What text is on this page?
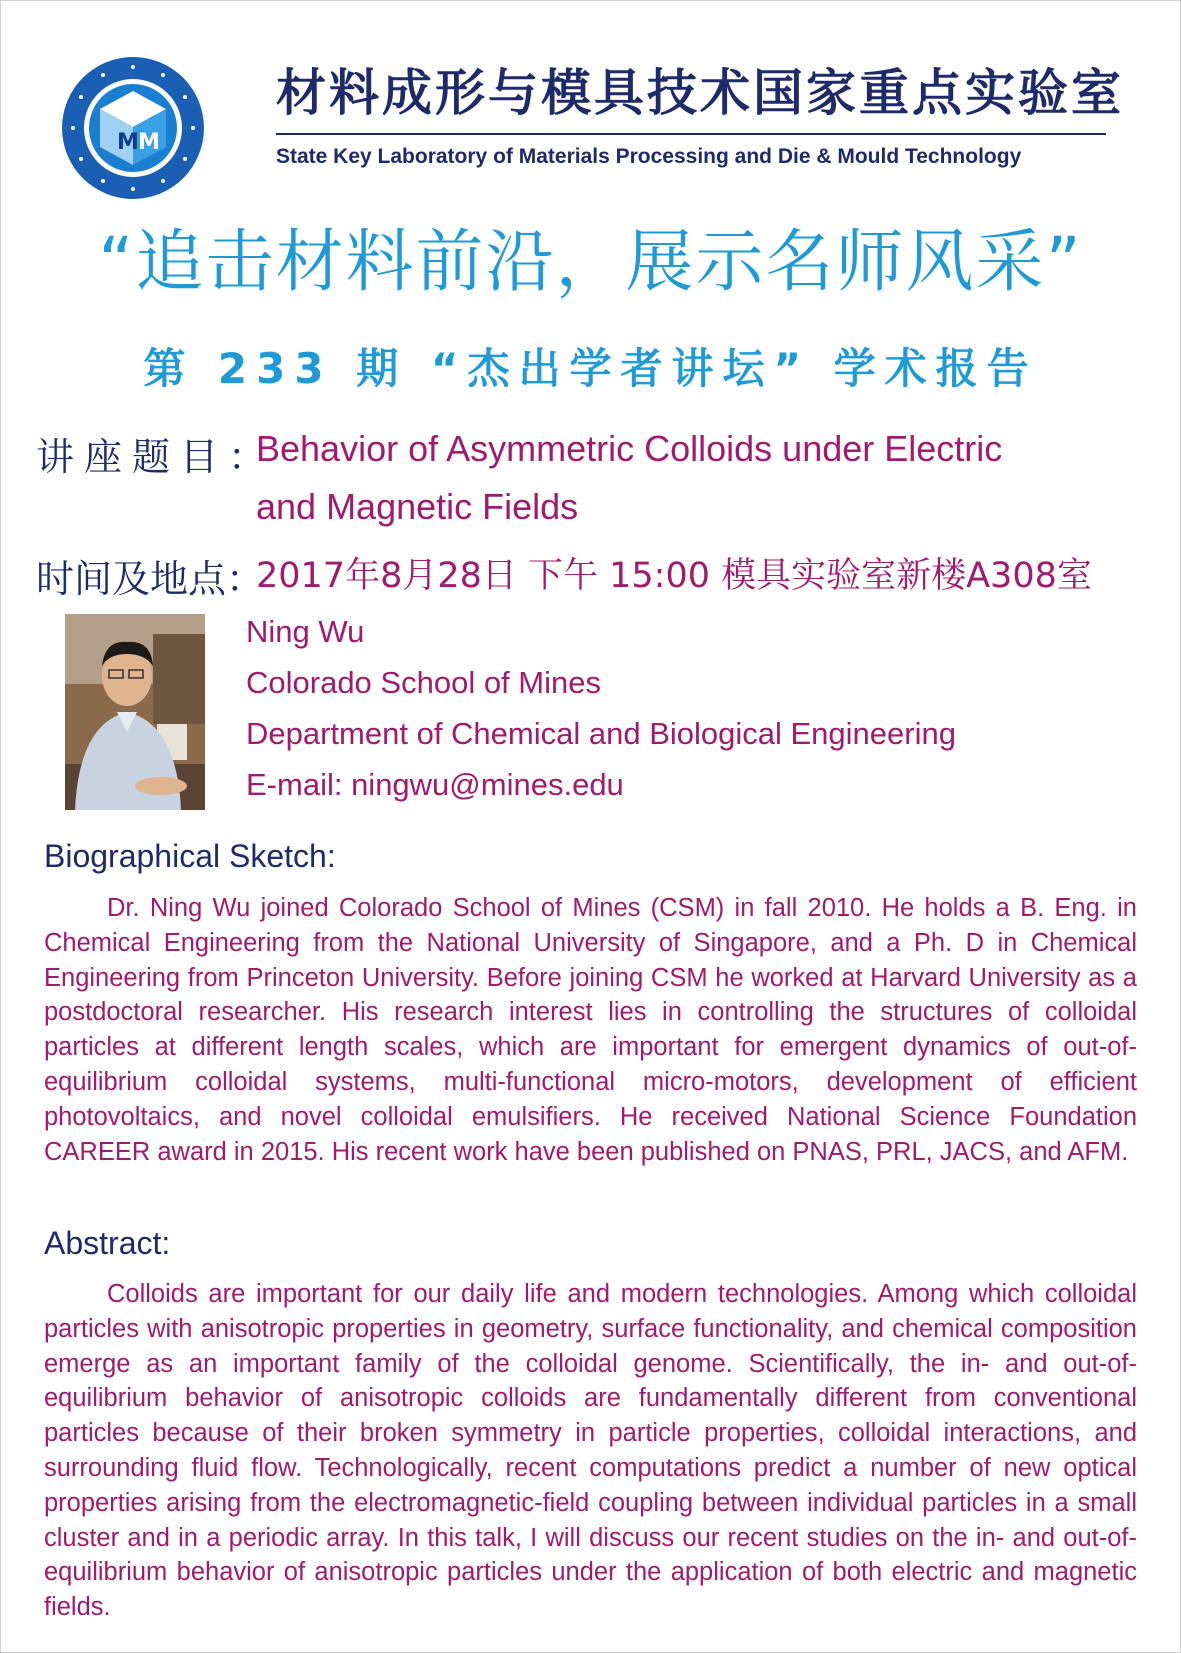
M M
材料成形与模具技术国家重点实验室
State Key Laboratory of Materials Processing and Die & Mould Technology
“追击材料前沿，展示名师风采”
第 233 期 “杰出学者讲坛” 学术报告
讲座题目：
Behavior of Asymmetric Colloids under Electric
and Magnetic Fields
时间及地点：
2017年8月28日 下午 15:00 模具实验室新楼A308室
Ning Wu
Colorado School of Mines
Department of Chemical and Biological Engineering
E-mail: ningwu@mines.edu
Biographical Sketch:

Dr. Ning Wu joined Colorado School of Mines (CSM) in fall 2010. He holds a B. Eng. in Chemical Engineering from the National University of Singapore, and a Ph. D in Chemical Engineering from Princeton University. Before joining CSM he worked at Harvard University as a postdoctoral researcher. His research interest lies in controlling the structures of colloidal particles at different length scales, which are important for emergent dynamics of out-of-equilibrium colloidal systems, multi-functional micro-motors, development of efficient photovoltaics, and novel colloidal emulsifiers. He received National Science Foundation CAREER award in 2015. His recent work have been published on PNAS, PRL, JACS, and AFM.

Abstract:

Colloids are important for our daily life and modern technologies. Among which colloidal particles with anisotropic properties in geometry, surface functionality, and chemical composition emerge as an important family of the colloidal genome. Scientifically, the in- and out-of-equilibrium behavior of anisotropic colloids are fundamentally different from conventional particles because of their broken symmetry in particle properties, colloidal interactions, and surrounding fluid flow. Technologically, recent computations predict a number of new optical properties arising from the electromagnetic-field coupling between individual particles in a small cluster and in a periodic array. In this talk, I will discuss our recent studies on the in- and out-of-equilibrium behavior of anisotropic particles under the application of both electric and magnetic fields.
